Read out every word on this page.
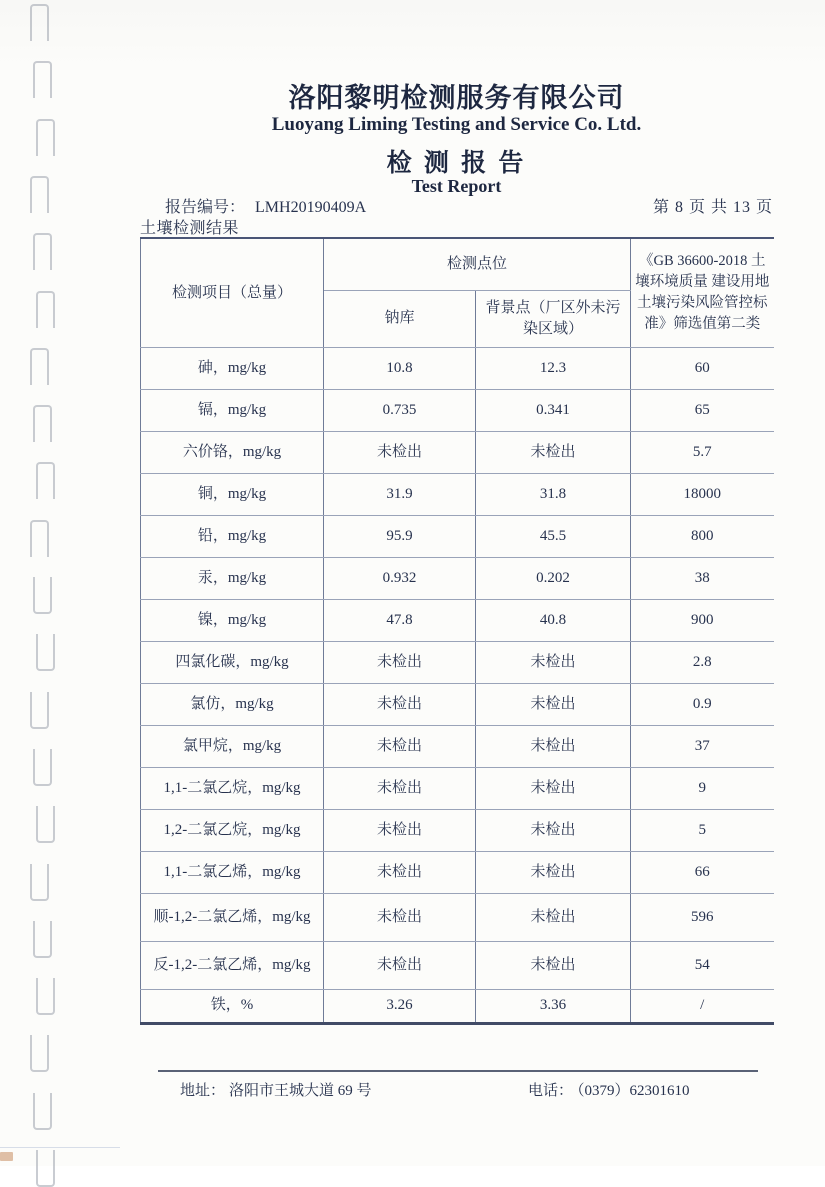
洛阳黎明检测服务有限公司
Luoyang Liming Testing and Service Co. Ltd.
检 测 报 告
Test Report
报告编号： LMH20190409A	第 8 页 共 13 页
土壤检测结果
检测项目（总量）	检测点位		《GB 36600-2018 土壤环境质量 建设用地土壤污染风险管控标准》筛选值第二类
	钠库	背景点（厂区外未污染区域）	
砷，mg/kg	10.8	12.3	60
镉，mg/kg	0.735	0.341	65
六价铬，mg/kg	未检出	未检出	5.7
铜，mg/kg	31.9	31.8	18000
铅，mg/kg	95.9	45.5	800
汞，mg/kg	0.932	0.202	38
镍，mg/kg	47.8	40.8	900
四氯化碳，mg/kg	未检出	未检出	2.8
氯仿，mg/kg	未检出	未检出	0.9
氯甲烷，mg/kg	未检出	未检出	37
1,1-二氯乙烷，mg/kg	未检出	未检出	9
1,2-二氯乙烷，mg/kg	未检出	未检出	5
1,1-二氯乙烯，mg/kg	未检出	未检出	66
顺-1,2-二氯乙烯，mg/kg	未检出	未检出	596
反-1,2-二氯乙烯，mg/kg	未检出	未检出	54
铁，%	3.26	3.36	/
地址： 洛阳市王城大道 69 号	电话： （0379）62301610
